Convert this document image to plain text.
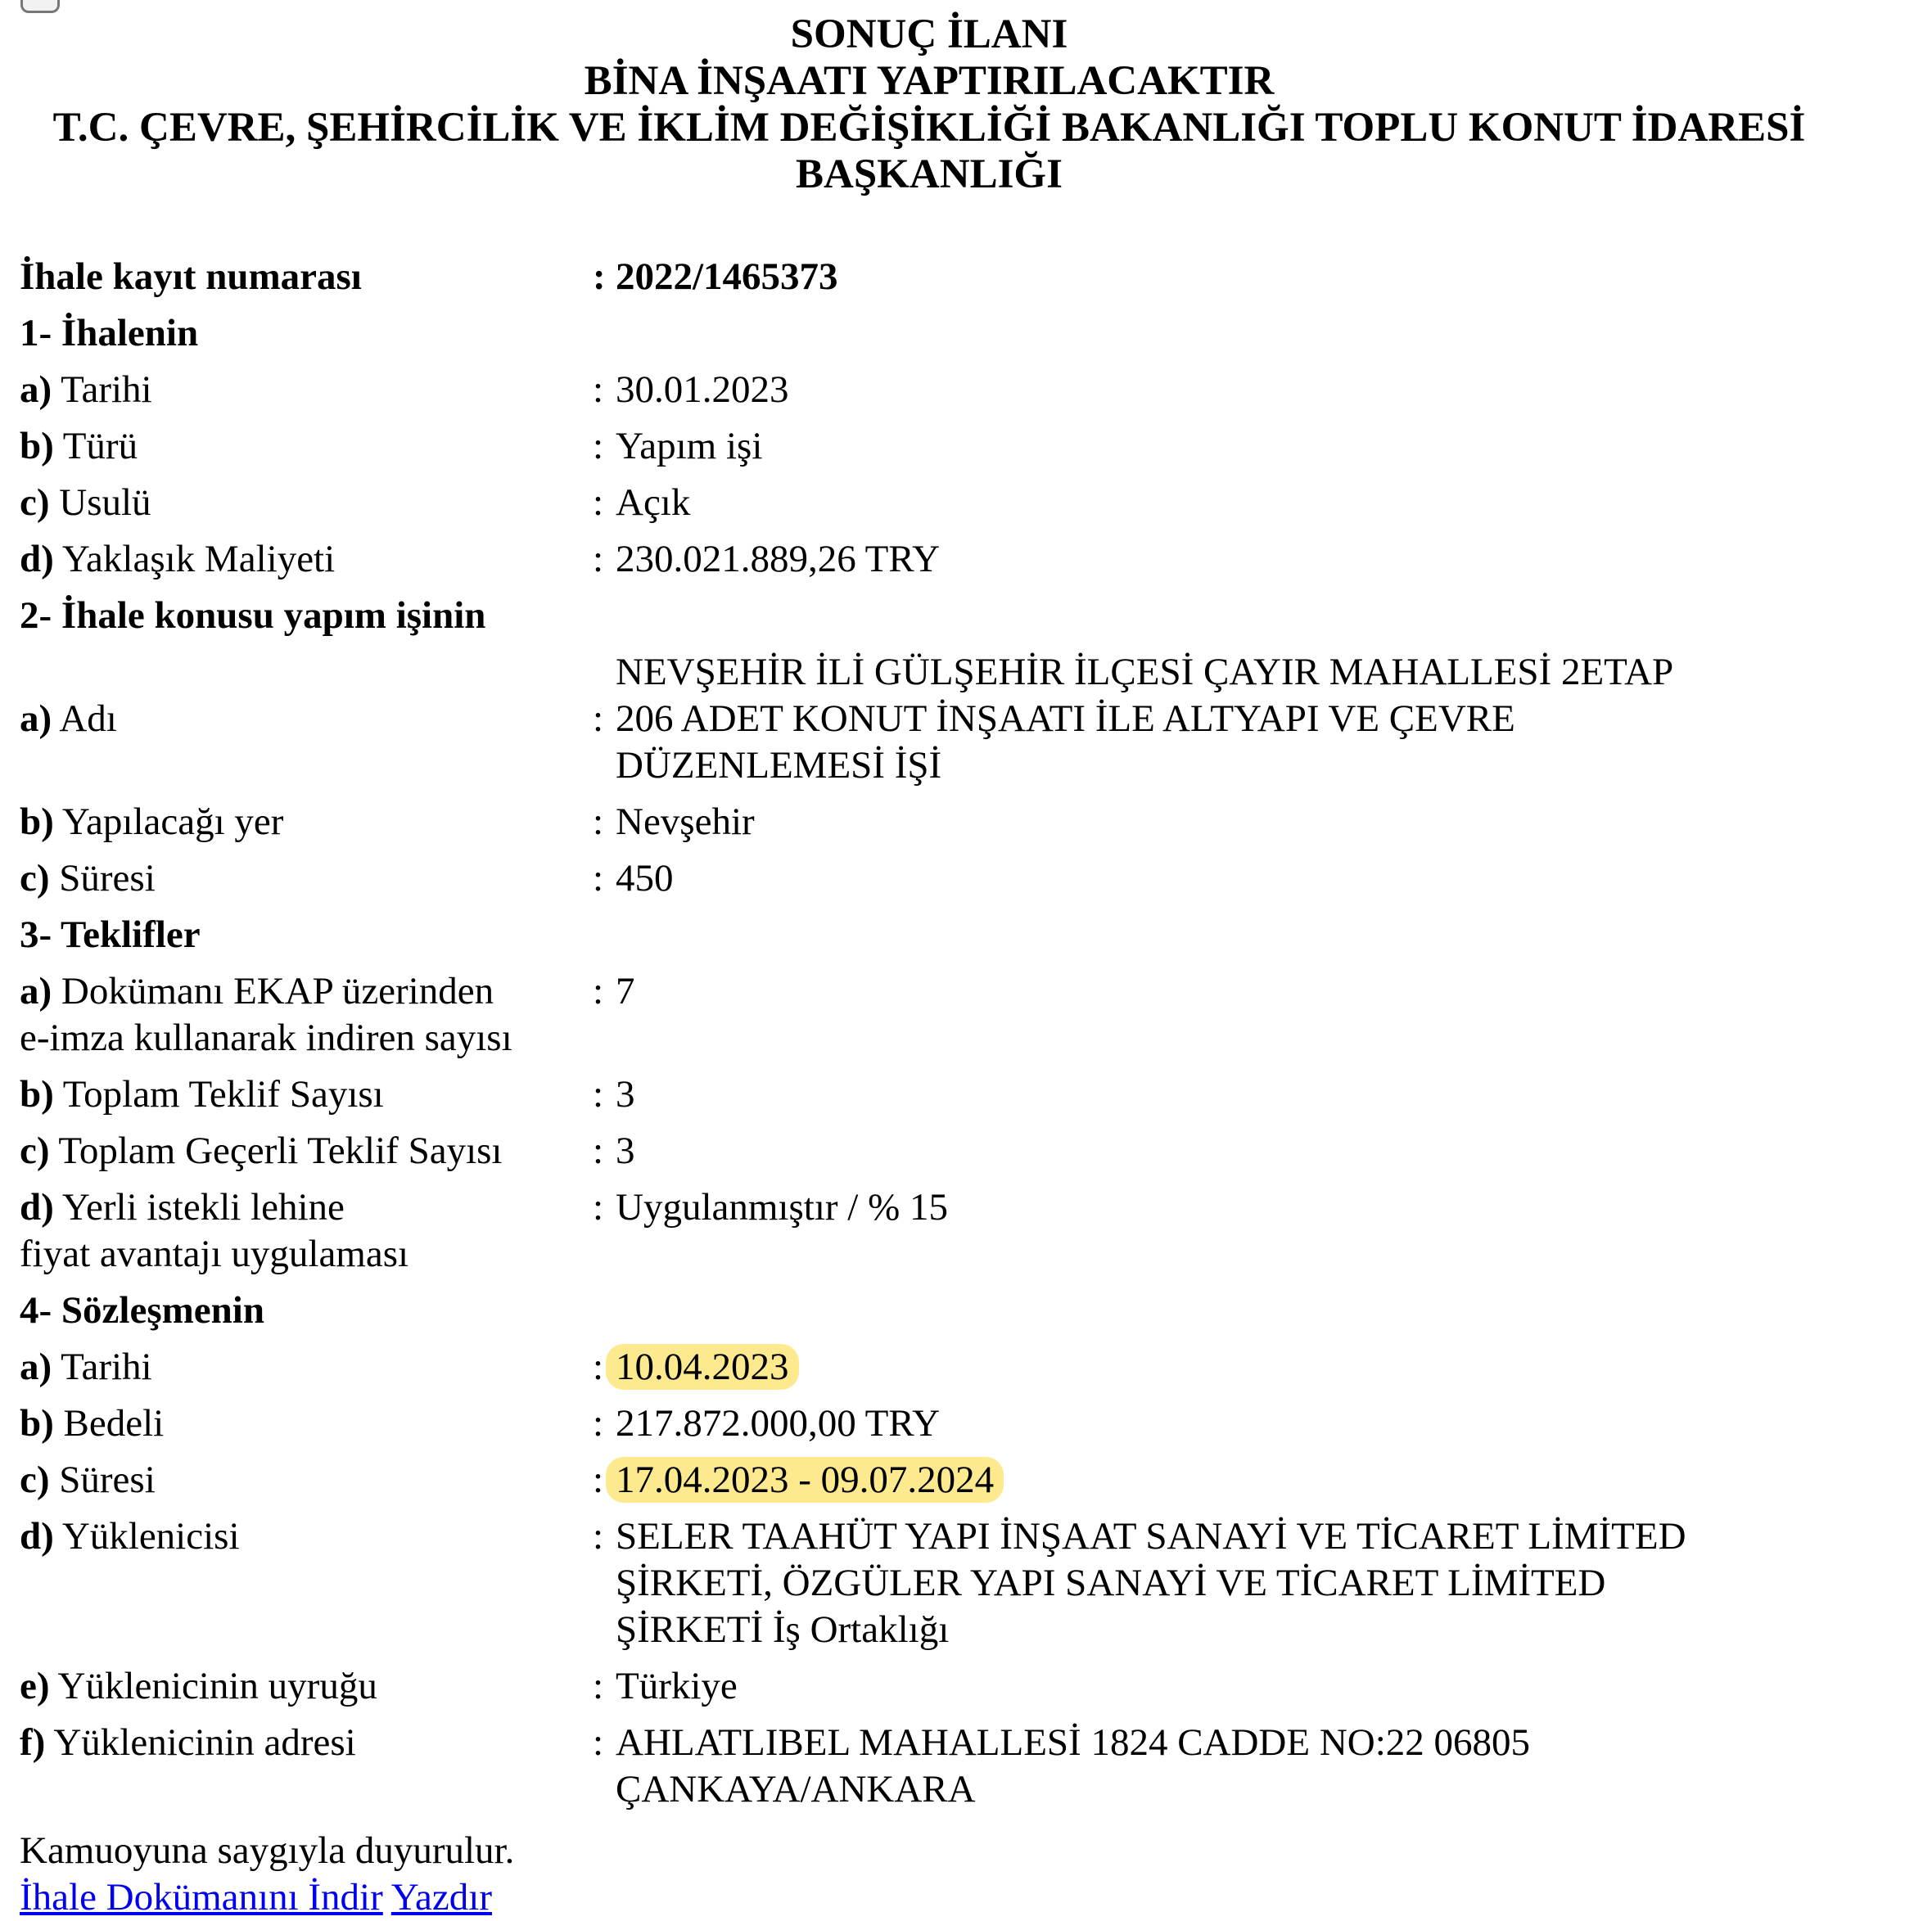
SONUÇ İLANI
BİNA İNŞAATI YAPTIRILACAKTIR
T.C. ÇEVRE, ŞEHİRCİLİK VE İKLİM DEĞİŞİKLİĞİ BAKANLIĞI TOPLU KONUT İDARESİ
BAŞKANLIĞI
İhale kayıt numarası	:	2022/1465373
1- İhalenin		
a) Tarihi	:	30.01.2023
b) Türü	:	Yapım işi
c) Usulü	:	Açık
d) Yaklaşık Maliyeti	:	230.021.889,26 TRY
2- İhale konusu yapım işinin		
a) Adı	:	NEVŞEHİR İLİ GÜLŞEHİR İLÇESİ ÇAYIR MAHALLESİ 2ETAP
206 ADET KONUT İNŞAATI İLE ALTYAPI VE ÇEVRE
DÜZENLEMESİ İŞİ

b) Yapılacağı yer	:	Nevşehir
c) Süresi	:	450
3- Teklifler		
a) Dokümanı EKAP üzerinden
e-imza kullanarak indiren sayısı	:	7
b) Toplam Teklif Sayısı	:	3
c) Toplam Geçerli Teklif Sayısı	:	3
d) Yerli istekli lehine
fiyat avantajı uygulaması	:	Uygulanmıştır / % 15
4- Sözleşmenin		
a) Tarihi	:	10.04.2023
b) Bedeli	:	217.872.000,00 TRY
c) Süresi	:	17.04.2023 - 09.07.2024
d) Yüklenicisi	:	SELER TAAHÜT YAPI İNŞAAT SANAYİ VE TİCARET LİMİTED
ŞİRKETİ, ÖZGÜLER YAPI SANAYİ VE TİCARET LİMİTED
ŞİRKETİ İş Ortaklığı

e) Yüklenicinin uyruğu	:	Türkiye
f) Yüklenicinin adresi	:	AHLATLIBEL MAHALLESİ 1824 CADDE NO:22 06805
ÇANKAYA/ANKARA
Kamuoyuna saygıyla duyurulur.
İhale Dokümanını İndir Yazdır
